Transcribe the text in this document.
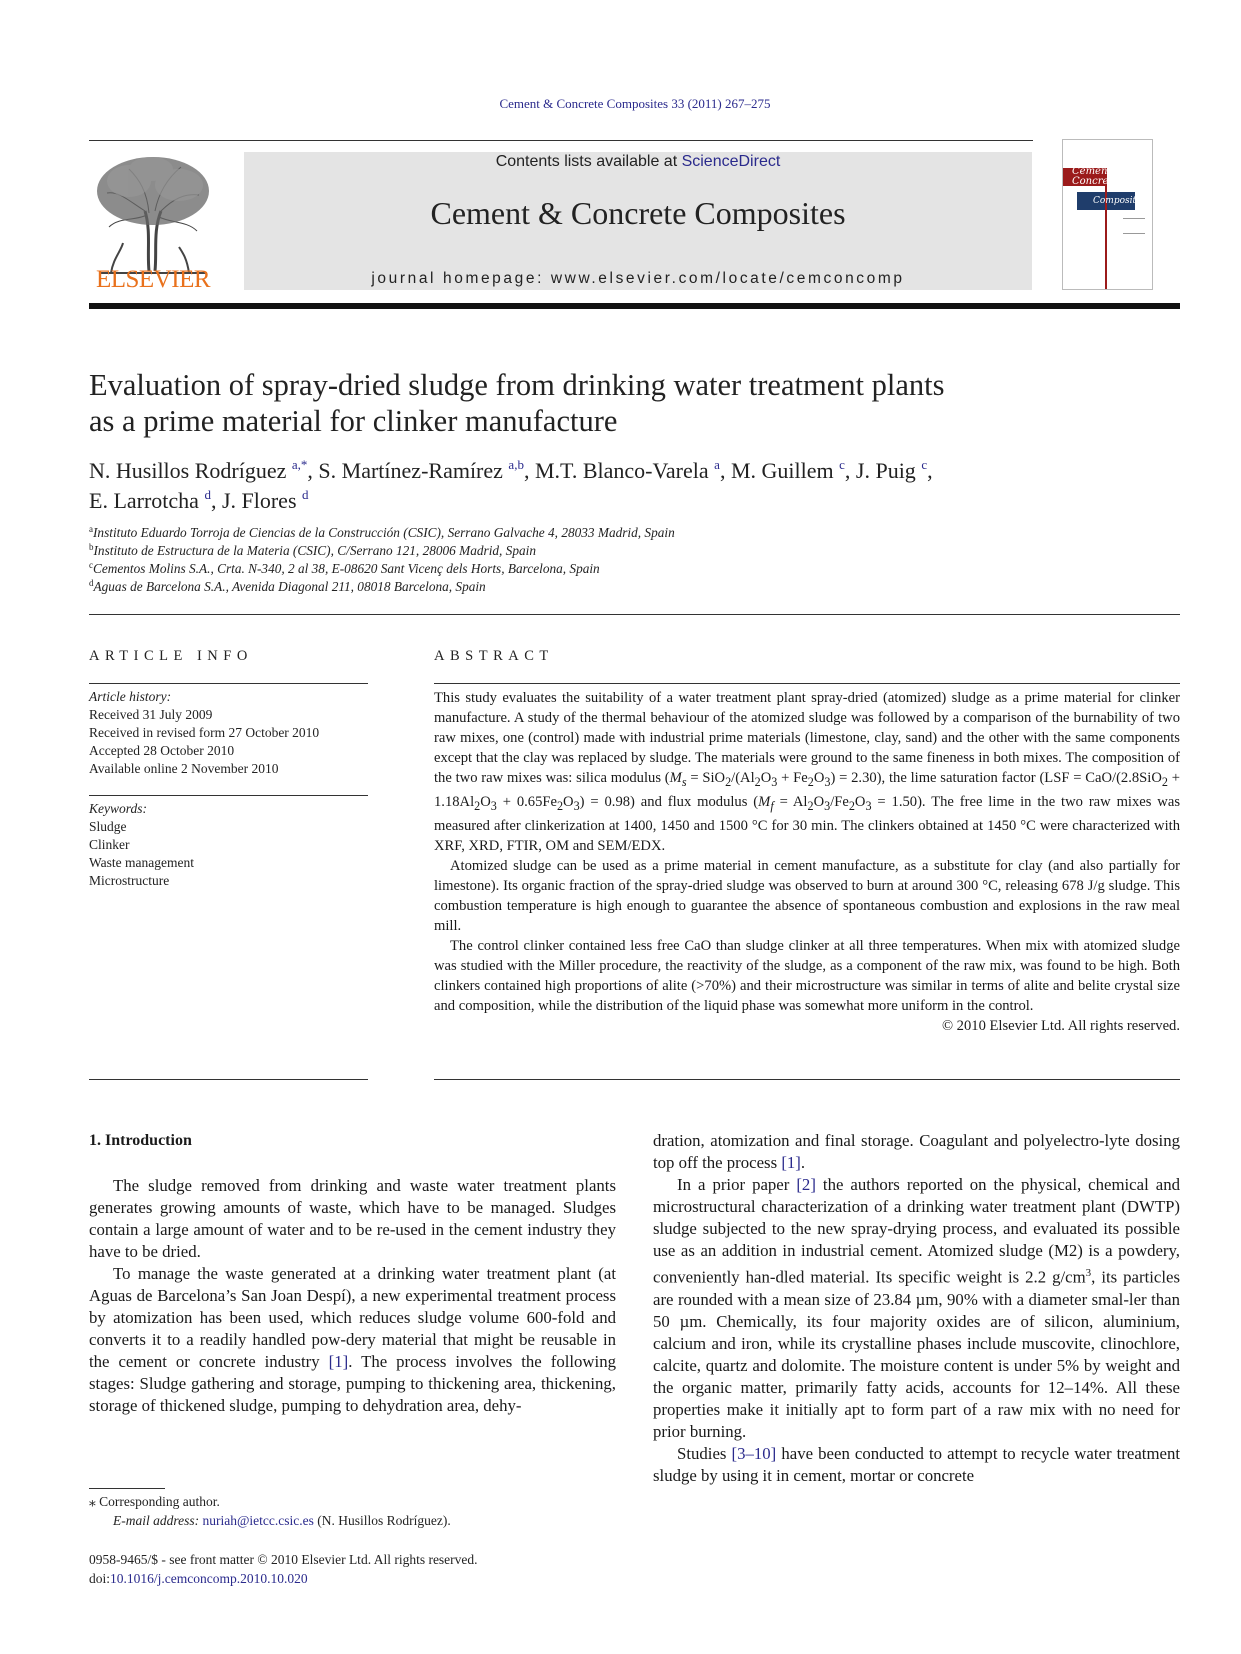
Cement & Concrete Composites 33 (2011) 267–275
ELSEVIER
Contents lists available at ScienceDirect
Cement & Concrete Composites
journal homepage: www.elsevier.com/locate/cemconcomp
Cement & Concrete
Composites
Evaluation of spray-dried sludge from drinking water treatment plants
as a prime material for clinker manufacture
N. Husillos Rodríguez $^{a,*}$, S. Martínez-Ramírez $^{a,b}$, M.T. Blanco-Varela $^a$, M. Guillem $^c$, J. Puig $^c$,
E. Larrotcha $^d$, J. Flores $^d$
$^a$Instituto Eduardo Torroja de Ciencias de la Construcción (CSIC), Serrano Galvache 4, 28033 Madrid, Spain
$^b$Instituto de Estructura de la Materia (CSIC), C/Serrano 121, 28006 Madrid, Spain
$^c$Cementos Molins S.A., Crta. N-340, 2 al 38, E-08620 Sant Vicenç dels Horts, Barcelona, Spain
$^d$Aguas de Barcelona S.A., Avenida Diagonal 211, 08018 Barcelona, Spain
ARTICLE INFO
Article history:
Received 31 July 2009
Received in revised form 27 October 2010
Accepted 28 October 2010
Available online 2 November 2010
Keywords:
Sludge
Clinker
Waste management
Microstructure
ABSTRACT

This study evaluates the suitability of a water treatment plant spray-dried (atomized) sludge as a prime material for clinker manufacture. A study of the thermal behaviour of the atomized sludge was followed by a comparison of the burnability of two raw mixes, one (control) made with industrial prime materials (limestone, clay, sand) and the other with the same components except that the clay was replaced by sludge. The materials were ground to the same fineness in both mixes. The composition of the two raw mixes was: silica modulus $(M_s = SiO_2/(Al_2O_3 + Fe_2O_3) = 2.30)$, the lime saturation factor $(LSF = CaO/(2.8SiO_2 + 1.18Al_2O_3 + 0.65Fe_2O_3) = 0.98)$ and flux modulus $(M_f = Al_2O_3/Fe_2O_3 = 1.50)$. The free lime in the two raw mixes was measured after clinkerization at 1400, 1450 and 1500 °C for 30 min. The clinkers obtained at 1450 °C were characterized with XRF, XRD, FTIR, OM and SEM/EDX.

Atomized sludge can be used as a prime material in cement manufacture, as a substitute for clay (and also partially for limestone). Its organic fraction of the spray-dried sludge was observed to burn at around 300 °C, releasing 678 J/g sludge. This combustion temperature is high enough to guarantee the absence of spontaneous combustion and explosions in the raw meal mill.

The control clinker contained less free CaO than sludge clinker at all three temperatures. When mix with atomized sludge was studied with the Miller procedure, the reactivity of the sludge, as a component of the raw mix, was found to be high. Both clinkers contained high proportions of alite (>70%) and their microstructure was similar in terms of alite and belite crystal size and composition, while the distribution of the liquid phase was somewhat more uniform in the control.

© 2010 Elsevier Ltd. All rights reserved.
1. Introduction

The sludge removed from drinking and waste water treatment plants generates growing amounts of waste, which have to be managed. Sludges contain a large amount of water and to be re-used in the cement industry they have to be dried.

To manage the waste generated at a drinking water treatment plant (at Aguas de Barcelona’s San Joan Despí), a new experimental treatment process by atomization has been used, which reduces sludge volume 600-fold and converts it to a readily handled pow-dery material that might be reusable in the cement or concrete industry [1]. The process involves the following stages: Sludge gathering and storage, pumping to thickening area, thickening, storage of thickened sludge, pumping to dehydration area, dehy-

dration, atomization and final storage. Coagulant and polyelectro-lyte dosing top off the process [1].

In a prior paper [2] the authors reported on the physical, chemical and microstructural characterization of a drinking water treatment plant (DWTP) sludge subjected to the new spray-drying process, and evaluated its possible use as an addition in industrial cement. Atomized sludge (M2) is a powdery, conveniently han-dled material. Its specific weight is 2.2 $g/cm^3$, its particles are rounded with a mean size of 23.84 µm, 90% with a diameter smal-ler than 50 µm. Chemically, its four majority oxides are of silicon, aluminium, calcium and iron, while its crystalline phases include muscovite, clinochlore, calcite, quartz and dolomite. The moisture content is under 5% by weight and the organic matter, primarily fatty acids, accounts for 12–14%. All these properties make it initially apt to form part of a raw mix with no need for prior burning.

Studies [3–10] have been conducted to attempt to recycle water treatment sludge by using it in cement, mortar or concrete

⁎ Corresponding author.
E-mail address: nuriah@ietcc.csic.es (N. Husillos Rodríguez).
0958-9465/$ - see front matter © 2010 Elsevier Ltd. All rights reserved.
doi:10.1016/j.cemconcomp.2010.10.020
